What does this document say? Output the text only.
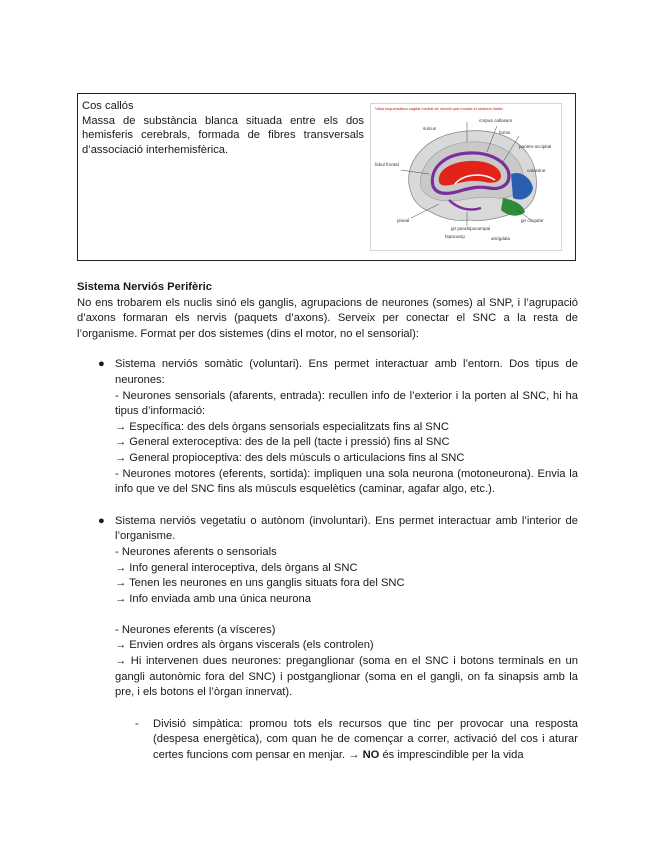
Cos callós
Massa de substància blanca situada entre els dos hemisferis cerebrals, formada de fibres transversals d’associació interhemisfèrica.
Vista esquemàtica sagital medial de cervell que mostra el sistema límbic
sulcus
corpus callosum
fornix
parieto-occipital
lòbul frontal
calcarine
pineal
gir parahipocampal
gir cingular
hipocamp	amígdala

Sistema Nerviós Perifèric

No ens trobarem els nuclis sinó els ganglis, agrupacions de neurones (somes) al SNP, i l’agrupació d’axons formaran els nervis (paquets d’axons). Serveix per conectar el SNC a la resta de l’organisme. Format per dos sistemes (dins el motor, no el sensorial):

● Sistema nerviós somàtic (voluntari). Ens permet interactuar amb l’entorn. Dos tipus de neurones:
- Neurones sensorials (afarents, entrada): recullen info de l’exterior i la porten al SNC, hi ha tipus d’informació:
→ Específica: des dels òrgans sensorials especialitzats fins al SNC
→ General exteroceptiva: des de la pell (tacte i pressió) fins al SNC
→ General propioceptiva: des dels músculs o articulacions fins al SNC
- Neurones motores (eferents, sortida): impliquen una sola neurona (motoneurona). Envia la info que ve del SNC fins als músculs esquelètics (caminar, agafar algo, etc.).
● Sistema nerviós vegetatiu o autònom (involuntari). Ens permet interactuar amb l’interior de l’organisme.
- Neurones aferents o sensorials
→ Info general interoceptiva, dels òrgans al SNC
→ Tenen les neurones en uns ganglis situats fora del SNC
→ Info enviada amb una única neurona
- Neurones eferents (a vísceres)
→ Envien ordres als òrgans viscerals (els controlen)
→ Hi intervenen dues neurones: preganglionar (soma en el SNC i botons terminals en un gangli autonòmic fora del SNC) i postganglionar (soma en el gangli, on fa sinapsis amb la pre, i els botons el l’òrgan innervat).
- Divisió simpàtica: promou tots els recursos que tinc per provocar una resposta (despesa energètica), com quan he de començar a correr, activació del cos i aturar certes funcions com pensar en menjar. → NO és imprescindible per la vida
